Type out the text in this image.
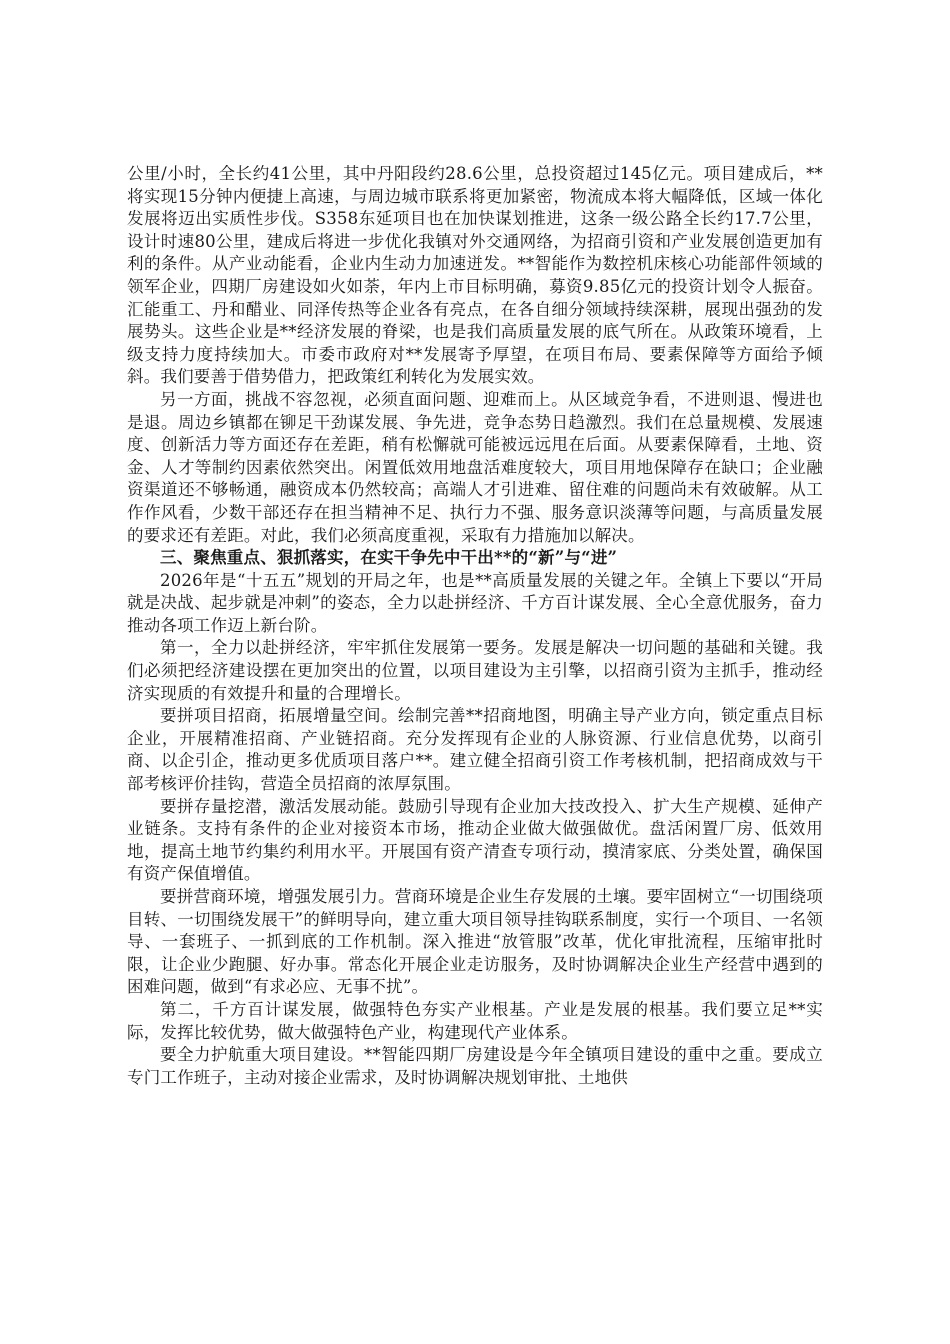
公里/小时，全长约41公里，其中丹阳段约28.6公里，总投资超过145亿元。项目建成后，**将实现15分钟内便捷上高速，与周边城市联系将更加紧密，物流成本将大幅降低，区域一体化发展将迈出实质性步伐。S358东延项目也在加快谋划推进，这条一级公路全长约17.7公里，设计时速80公里，建成后将进一步优化我镇对外交通网络，为招商引资和产业发展创造更加有利的条件。从产业动能看，企业内生动力加速迸发。**智能作为数控机床核心功能部件领域的领军企业，四期厂房建设如火如荼，年内上市目标明确，募资9.85亿元的投资计划令人振奋。汇能重工、丹和醋业、同泽传热等企业各有亮点，在各自细分领域持续深耕，展现出强劲的发展势头。这些企业是**经济发展的脊梁，也是我们高质量发展的底气所在。从政策环境看，上级支持力度持续加大。市委市政府对**发展寄予厚望，在项目布局、要素保障等方面给予倾斜。我们要善于借势借力，把政策红利转化为发展实效。

另一方面，挑战不容忽视，必须直面问题、迎难而上。从区域竞争看，不进则退、慢进也是退。周边乡镇都在铆足干劲谋发展、争先进，竞争态势日趋激烈。我们在总量规模、发展速度、创新活力等方面还存在差距，稍有松懈就可能被远远甩在后面。从要素保障看，土地、资金、人才等制约因素依然突出。闲置低效用地盘活难度较大，项目用地保障存在缺口；企业融资渠道还不够畅通，融资成本仍然较高；高端人才引进难、留住难的问题尚未有效破解。从工作作风看，少数干部还存在担当精神不足、执行力不强、服务意识淡薄等问题，与高质量发展的要求还有差距。对此，我们必须高度重视，采取有力措施加以解决。

三、聚焦重点、狠抓落实，在实干争先中干出**的“新”与“进”

2026年是“十五五”规划的开局之年，也是**高质量发展的关键之年。全镇上下要以“开局就是决战、起步就是冲刺”的姿态，全力以赴拼经济、千方百计谋发展、全心全意优服务，奋力推动各项工作迈上新台阶。

第一，全力以赴拼经济，牢牢抓住发展第一要务。发展是解决一切问题的基础和关键。我们必须把经济建设摆在更加突出的位置，以项目建设为主引擎，以招商引资为主抓手，推动经济实现质的有效提升和量的合理增长。

要拼项目招商，拓展增量空间。绘制完善**招商地图，明确主导产业方向，锁定重点目标企业，开展精准招商、产业链招商。充分发挥现有企业的人脉资源、行业信息优势，以商引商、以企引企，推动更多优质项目落户**。建立健全招商引资工作考核机制，把招商成效与干部考核评价挂钩，营造全员招商的浓厚氛围。

要拼存量挖潜，激活发展动能。鼓励引导现有企业加大技改投入、扩大生产规模、延伸产业链条。支持有条件的企业对接资本市场，推动企业做大做强做优。盘活闲置厂房、低效用地，提高土地节约集约利用水平。开展国有资产清查专项行动，摸清家底、分类处置，确保国有资产保值增值。

要拼营商环境，增强发展引力。营商环境是企业生存发展的土壤。要牢固树立“一切围绕项目转、一切围绕发展干”的鲜明导向，建立重大项目领导挂钩联系制度，实行一个项目、一名领导、一套班子、一抓到底的工作机制。深入推进“放管服”改革，优化审批流程，压缩审批时限，让企业少跑腿、好办事。常态化开展企业走访服务，及时协调解决企业生产经营中遇到的困难问题，做到“有求必应、无事不扰”。

第二，千方百计谋发展，做强特色夯实产业根基。产业是发展的根基。我们要立足**实际，发挥比较优势，做大做强特色产业，构建现代产业体系。

要全力护航重大项目建设。**智能四期厂房建设是今年全镇项目建设的重中之重。要成立专门工作班子，主动对接企业需求，及时协调解决规划审批、土地供
